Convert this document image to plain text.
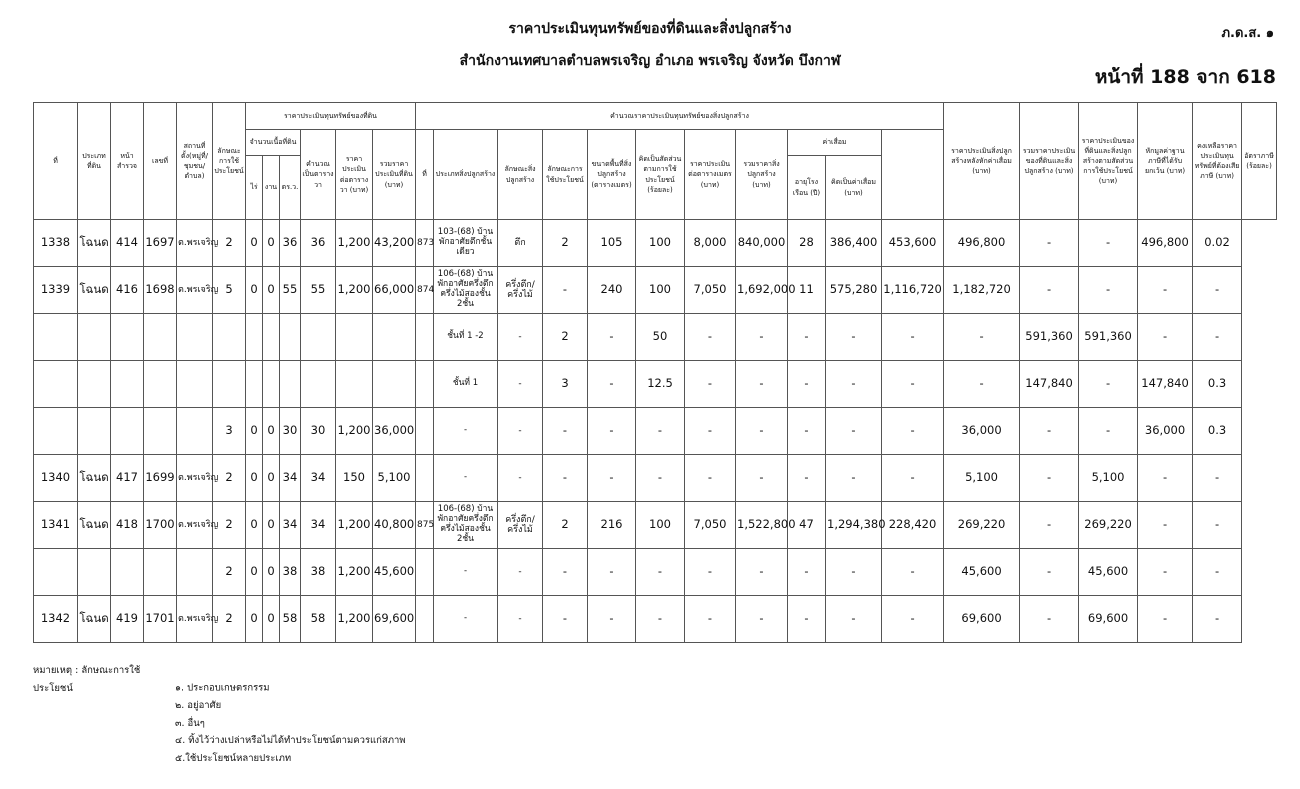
ราคาประเมินทุนทรัพย์ของที่ดินและสิ่งปลูกสร้าง
สำนักงานเทศบาลตำบลพรเจริญ อำเภอ พรเจริญ จังหวัด บึงกาฬ
ภ.ด.ส. ๑
หน้าที่ 188 จาก 618
ที่	ประเภทที่ดิน	หน้าสำรวจ	เลขที่	สถานที่ตั้ง(หมู่ที่/ชุมชน/ตำบล)	ลักษณะการใช้ประโยชน์	ราคาประเมินทุนทรัพย์ของที่ดิน						คำนวณราคาประเมินทุนทรัพย์ของสิ่งปลูกสร้าง											ราคาประเมินสิ่งปลูกสร้างหลังหักค่าเสื่อม (บาท)	รวมราคาประเมินของที่ดินและสิ่งปลูกสร้าง (บาท)	ราคาประเมินของที่ดินและสิ่งปลูกสร้างตามสัดส่วนการใช้ประโยชน์ (บาท)	หักมูลค่าฐานภาษีที่ได้รับยกเว้น (บาท)	คงเหลือราคาประเมินทุนทรัพย์ที่ต้องเสียภาษี (บาท)	อัตราภาษี (ร้อยละ)
						จำนวนเนื้อที่ดิน			คำนวณเป็นตารางวา	ราคาประเมินต่อตารางวา (บาท)	รวมราคาประเมินที่ดิน (บาท)	ที่	ประเภทสิ่งปลูกสร้าง	ลักษณะสิ่งปลูกสร้าง	ลักษณะการใช้ประโยชน์	ขนาดพื้นที่สิ่งปลูกสร้าง (ตารางเมตร)	คิดเป็นสัดส่วนตามการใช้ประโยชน์ (ร้อยละ)	ราคาประเมินต่อตารางเมตร (บาท)	รวมราคาสิ่งปลูกสร้าง (บาท)	ค่าเสื่อม								
						ไร่	งาน	ตร.ว.												อายุโรงเรือน (ปี)	คิดเป็นค่าเสื่อม (บาท)							
1338	โฉนด	414	1697	ต.พรเจริญ	2	0	0	36	36	1,200	43,200	873	103-(68) บ้านพักอาศัยตึกชั้นเดียว	ตึก	2	105	100	8,000	840,000	28	386,400	453,600	496,800	-	-	496,800	0.02	
1339	โฉนด	416	1698	ต.พรเจริญ	5	0	0	55	55	1,200	66,000	874	106-(68) บ้านพักอาศัยครึ่งตึกครึ่งไม้สองชั้น 2ชั้น	ครึ่งตึก/ครึ่งไม้	-	240	100	7,050	1,692,000	11	575,280	1,116,720	1,182,720	-	-	-	-	
													ชั้นที่ 1 -2	-	2	-	50	-	-	-	-	-	-	591,360	591,360	-	-	
													ชั้นที่ 1	-	3	-	12.5	-	-	-	-	-	-	147,840	-	147,840	0.3	
					3	0	0	30	30	1,200	36,000		-	-	-	-	-	-	-	-	-	-	36,000	-	-	36,000	0.3	
1340	โฉนด	417	1699	ต.พรเจริญ	2	0	0	34	34	150	5,100		-	-	-	-	-	-	-	-	-	-	5,100	-	5,100	-	-	
1341	โฉนด	418	1700	ต.พรเจริญ	2	0	0	34	34	1,200	40,800	875	106-(68) บ้านพักอาศัยครึ่งตึกครึ่งไม้สองชั้น 2ชั้น	ครึ่งตึก/ครึ่งไม้	2	216	100	7,050	1,522,800	47	1,294,380	228,420	269,220	-	269,220	-	-	
					2	0	0	38	38	1,200	45,600		-	-	-	-	-	-	-	-	-	-	45,600	-	45,600	-	-	
1342	โฉนด	419	1701	ต.พรเจริญ	2	0	0	58	58	1,200	69,600		-	-	-	-	-	-	-	-	-	-	69,600	-	69,600	-	-	
หมายเหตุ : ลักษณะการใช้ประโยชน์	๑. ประกอบเกษตรกรรม
๒. อยู่อาศัย
๓. อื่นๆ
๔. ทิ้งไว้ว่างเปล่าหรือไม่ได้ทำประโยชน์ตามควรแก่สภาพ
๕.ใช้ประโยชน์หลายประเภท
